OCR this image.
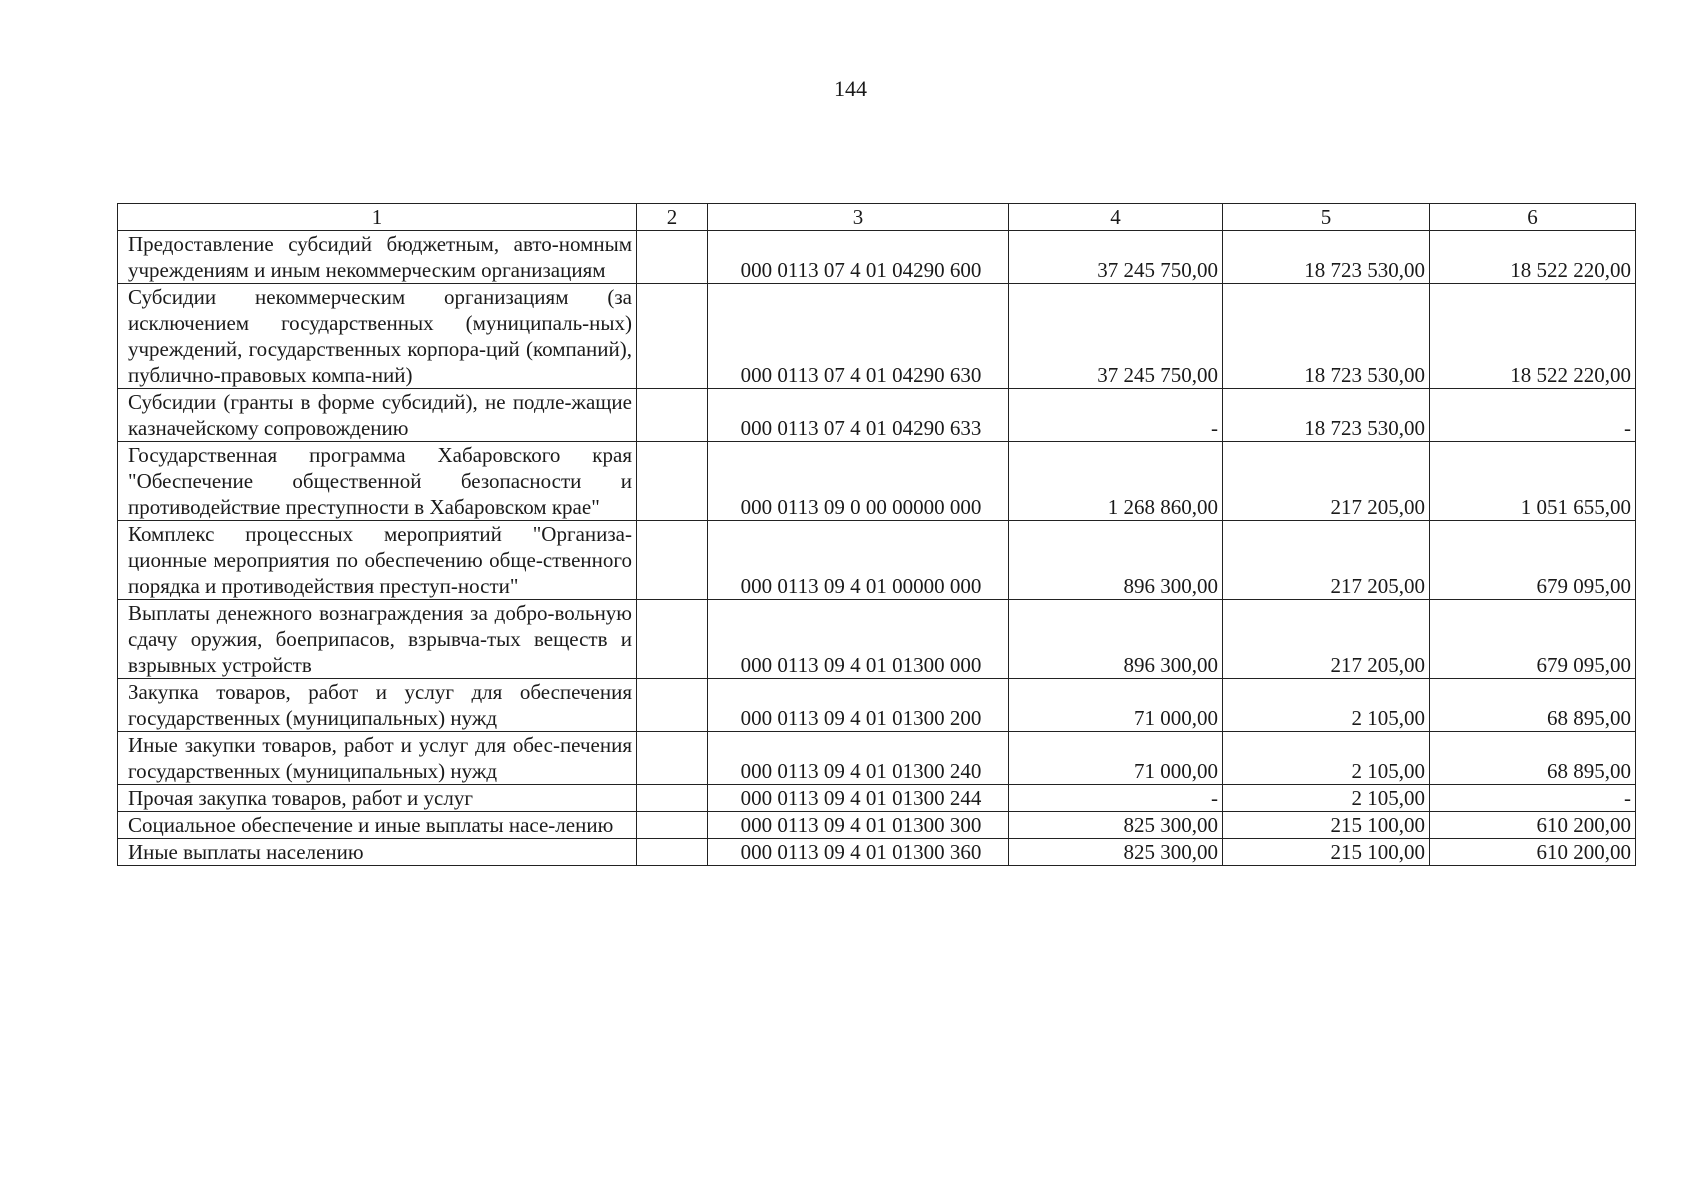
144
1	2	3	4	5	6
Предоставление субсидий бюджетным, авто-номным учреждениям и иным некоммерческим организациям		000 0113 07 4 01 04290 600	37 245 750,00	18 723 530,00	18 522 220,00
Субсидии некоммерческим организациям (за исключением государственных (муниципаль-ных) учреждений, государственных корпора-ций (компаний), публично-правовых компа-ний)		000 0113 07 4 01 04290 630	37 245 750,00	18 723 530,00	18 522 220,00
Субсидии (гранты в форме субсидий), не подле-жащие казначейскому сопровождению		000 0113 07 4 01 04290 633	-	18 723 530,00	-
Государственная программа Хабаровского края "Обеспечение общественной безопасности и противодействие преступности в Хабаровском крае"		000 0113 09 0 00 00000 000	1 268 860,00	217 205,00	1 051 655,00
Комплекс процессных мероприятий "Организа-ционные мероприятия по обеспечению обще-ственного порядка и противодействия преступ-ности"		000 0113 09 4 01 00000 000	896 300,00	217 205,00	679 095,00
Выплаты денежного вознаграждения за добро-вольную сдачу оружия, боеприпасов, взрывча-тых веществ и взрывных устройств		000 0113 09 4 01 01300 000	896 300,00	217 205,00	679 095,00
Закупка товаров, работ и услуг для обеспечения государственных (муниципальных) нужд		000 0113 09 4 01 01300 200	71 000,00	2 105,00	68 895,00
Иные закупки товаров, работ и услуг для обес-печения государственных (муниципальных) нужд		000 0113 09 4 01 01300 240	71 000,00	2 105,00	68 895,00
Прочая закупка товаров, работ и услуг		000 0113 09 4 01 01300 244	-	2 105,00	-
Социальное обеспечение и иные выплаты насе-лению		000 0113 09 4 01 01300 300	825 300,00	215 100,00	610 200,00
Иные выплаты населению		000 0113 09 4 01 01300 360	825 300,00	215 100,00	610 200,00
